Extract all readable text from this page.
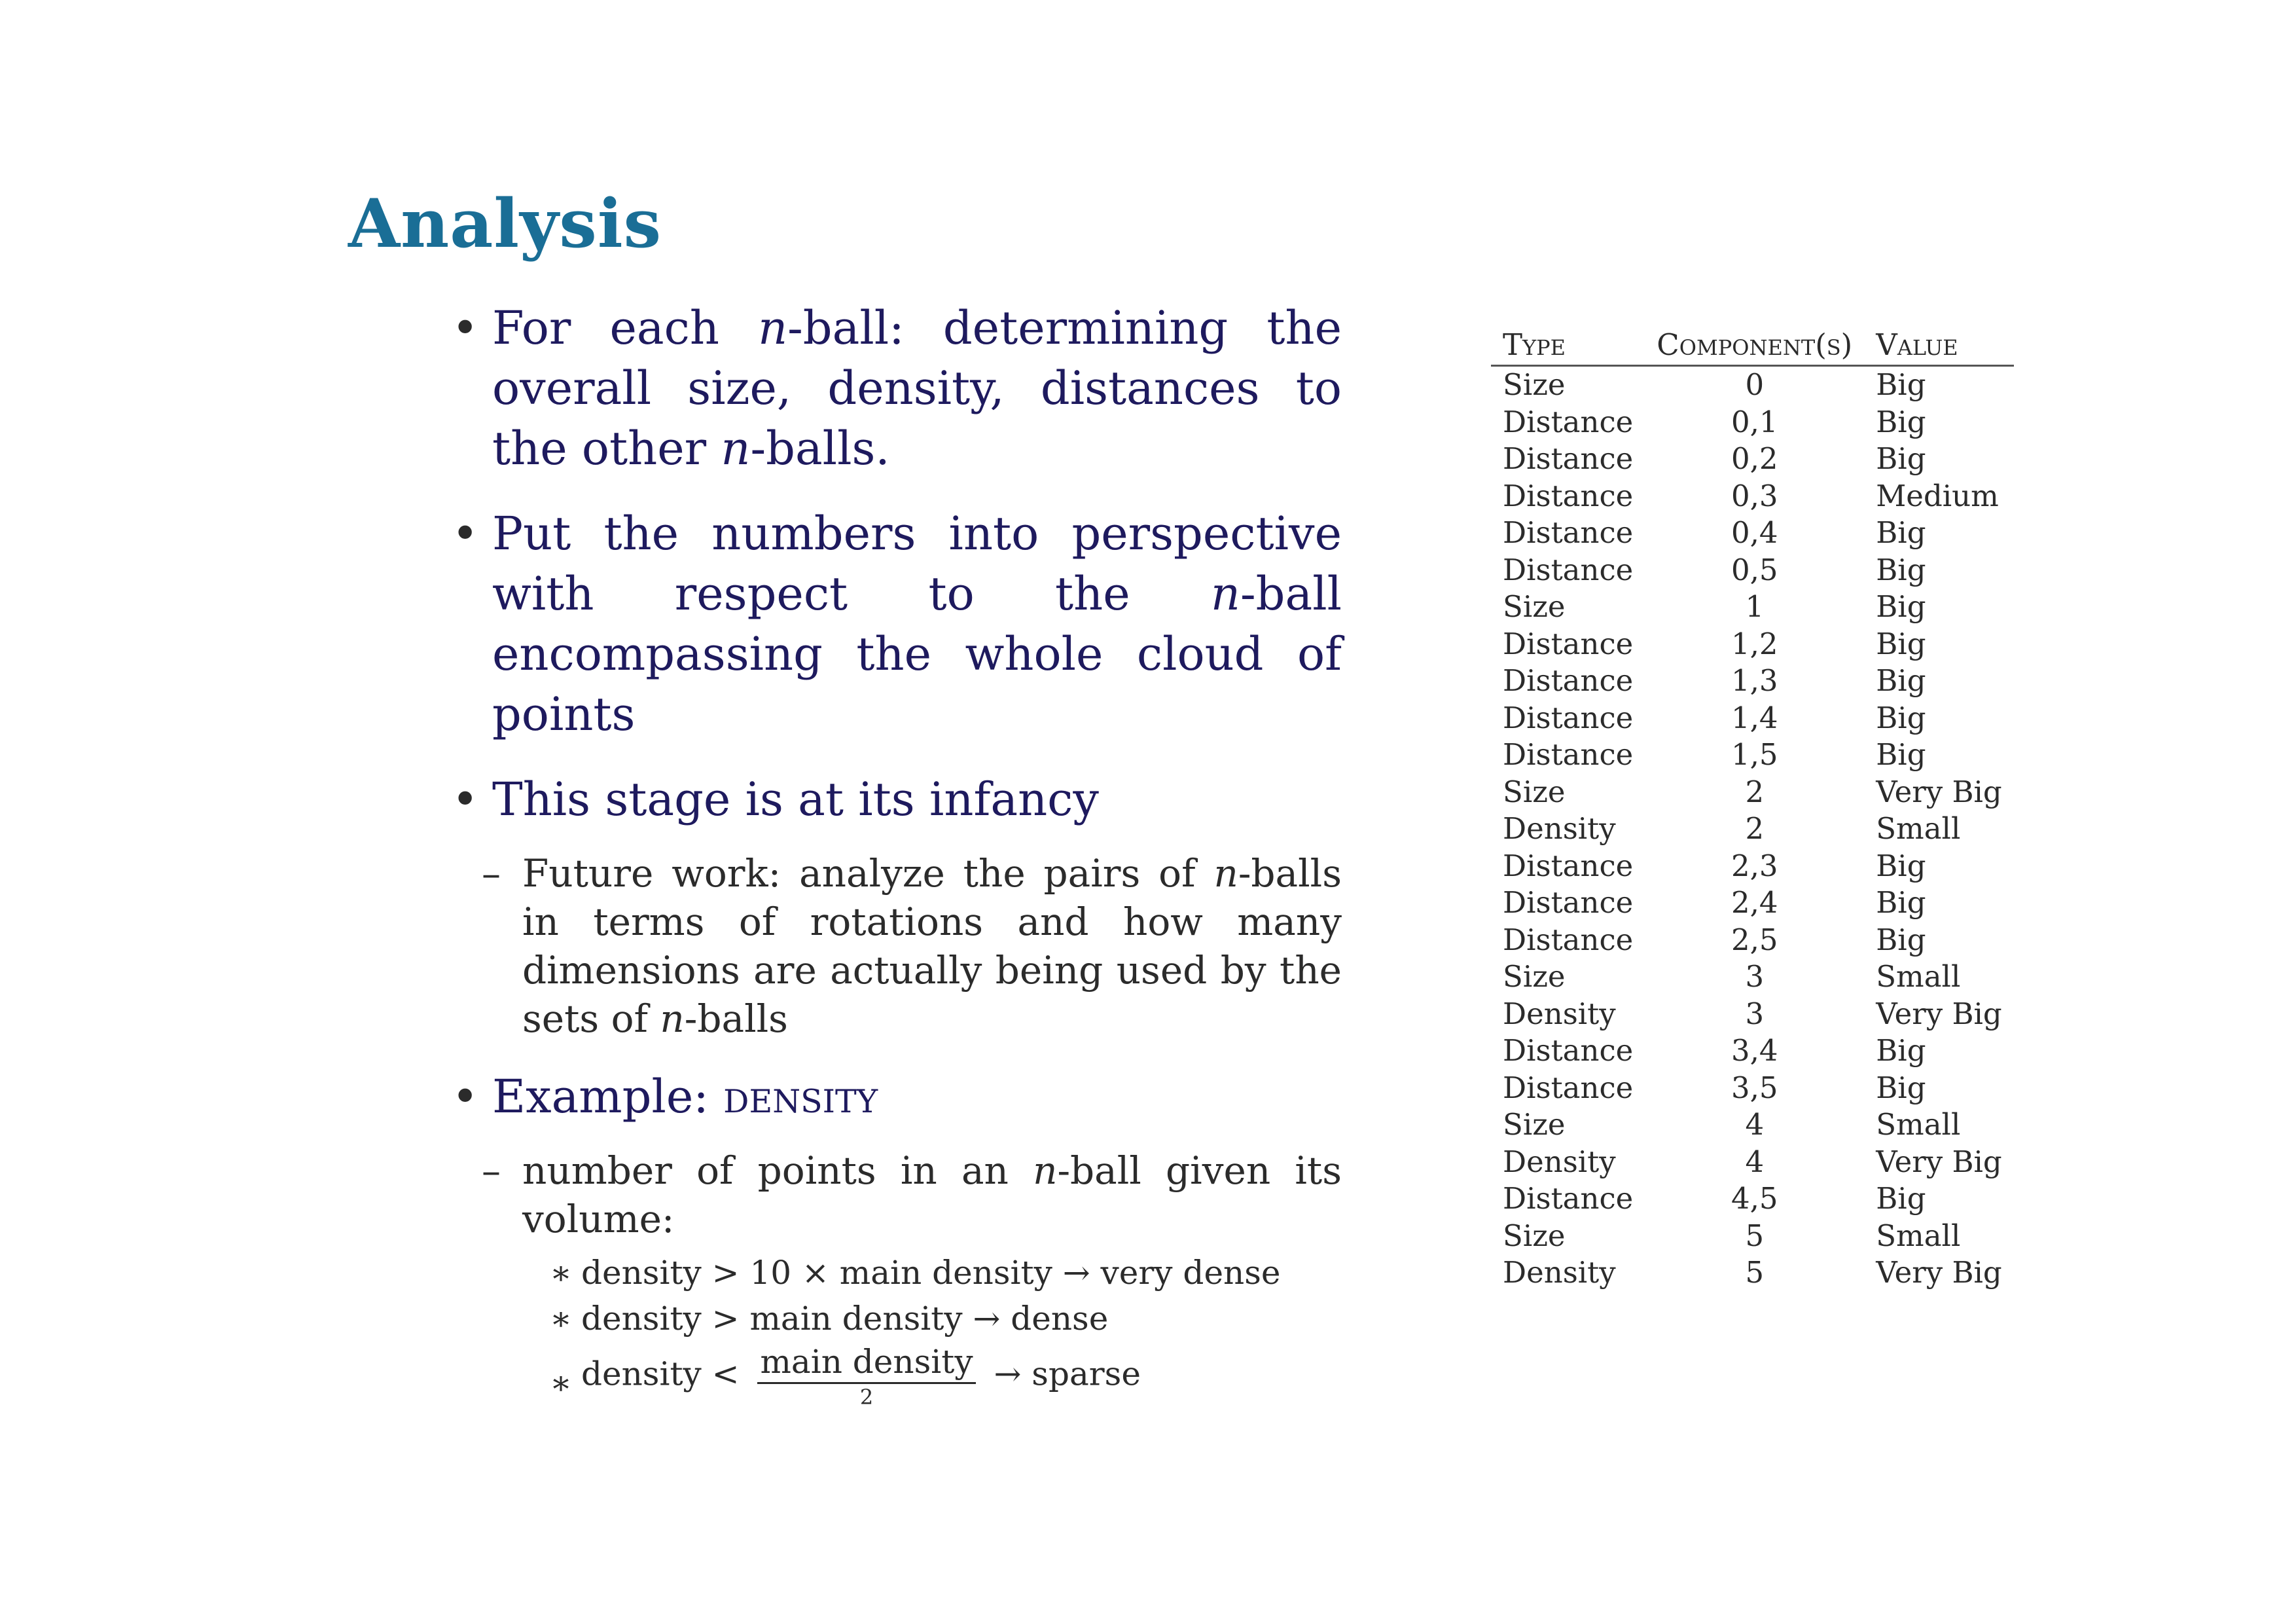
Analysis
• For each n-ball: determining the overall size, density, distances to the other n-balls.
• Put the numbers into perspective with respect to the n-ball encompassing the whole cloud of points
• This stage is at its infancy
– Future work: analyze the pairs of n-balls in terms of rotations and how many dimensions are actually being used by the sets of n-balls
• Example: density
– number of points in an n-ball given its volume:
∗ density > 10 × main density → very dense
∗ density > main density → dense
∗ density < $\frac{\text{main density}}{2}$ → sparse
Type	Component(s)	Value
Size	0	Big
Distance	0,1	Big
Distance	0,2	Big
Distance	0,3	Medium
Distance	0,4	Big
Distance	0,5	Big
Size	1	Big
Distance	1,2	Big
Distance	1,3	Big
Distance	1,4	Big
Distance	1,5	Big
Size	2	Very Big
Density	2	Small
Distance	2,3	Big
Distance	2,4	Big
Distance	2,5	Big
Size	3	Small
Density	3	Very Big
Distance	3,4	Big
Distance	3,5	Big
Size	4	Small
Density	4	Very Big
Distance	4,5	Big
Size	5	Small
Density	5	Very Big
